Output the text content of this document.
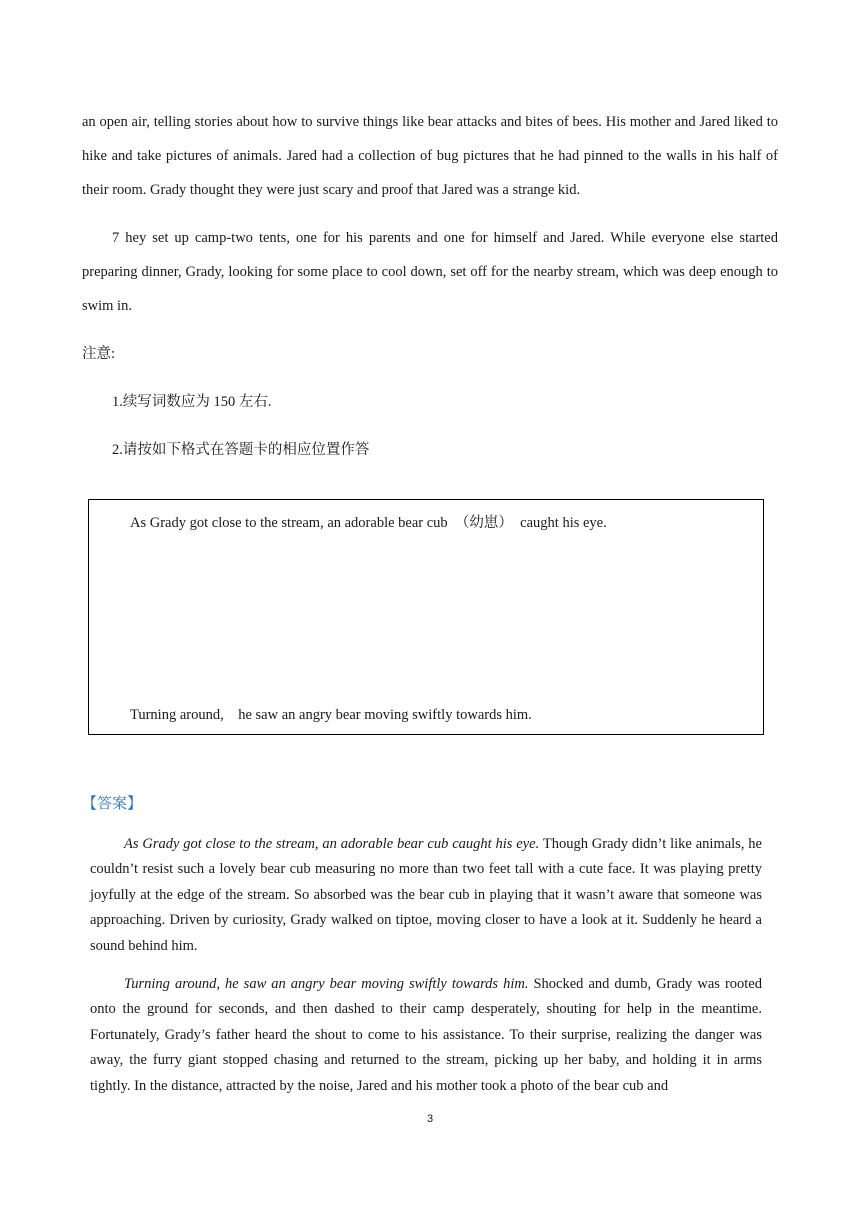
an open air, telling stories about how to survive things like bear attacks and bites of bees. His mother and Jared liked to hike and take pictures of animals. Jared had a collection of bug pictures that he had pinned to the walls in his half of their room. Grady thought they were just scary and proof that Jared was a strange kid.

7 hey set up camp-two tents, one for his parents and one for himself and Jared. While everyone else started preparing dinner, Grady, looking for some place to cool down, set off for the nearby stream, which was deep enough to swim in.

注意:
1.续写词数应为 150 左右.
2.请按如下格式在答题卡的相应位置作答
As Grady got close to the stream, an adorable bear cub  （幼崽）  caught his eye.
Turning around,    he saw an angry bear moving swiftly towards him.
【答案】

As Grady got close to the stream, an adorable bear cub caught his eye. Though Grady didn’t like animals, he couldn’t resist such a lovely bear cub measuring no more than two feet tall with a cute face. It was playing pretty joyfully at the edge of the stream. So absorbed was the bear cub in playing that it wasn’t aware that someone was approaching. Driven by curiosity, Grady walked on tiptoe, moving closer to have a look at it. Suddenly he heard a sound behind him.

Turning around, he saw an angry bear moving swiftly towards him. Shocked and dumb, Grady was rooted onto the ground for seconds, and then dashed to their camp desperately, shouting for help in the meantime. Fortunately, Grady’s father heard the shout to come to his assistance. To their surprise, realizing the danger was away, the furry giant stopped chasing and returned to the stream, picking up her baby, and holding it in arms tightly. In the distance, attracted by the noise, Jared and his mother took a photo of the bear cub and

3
